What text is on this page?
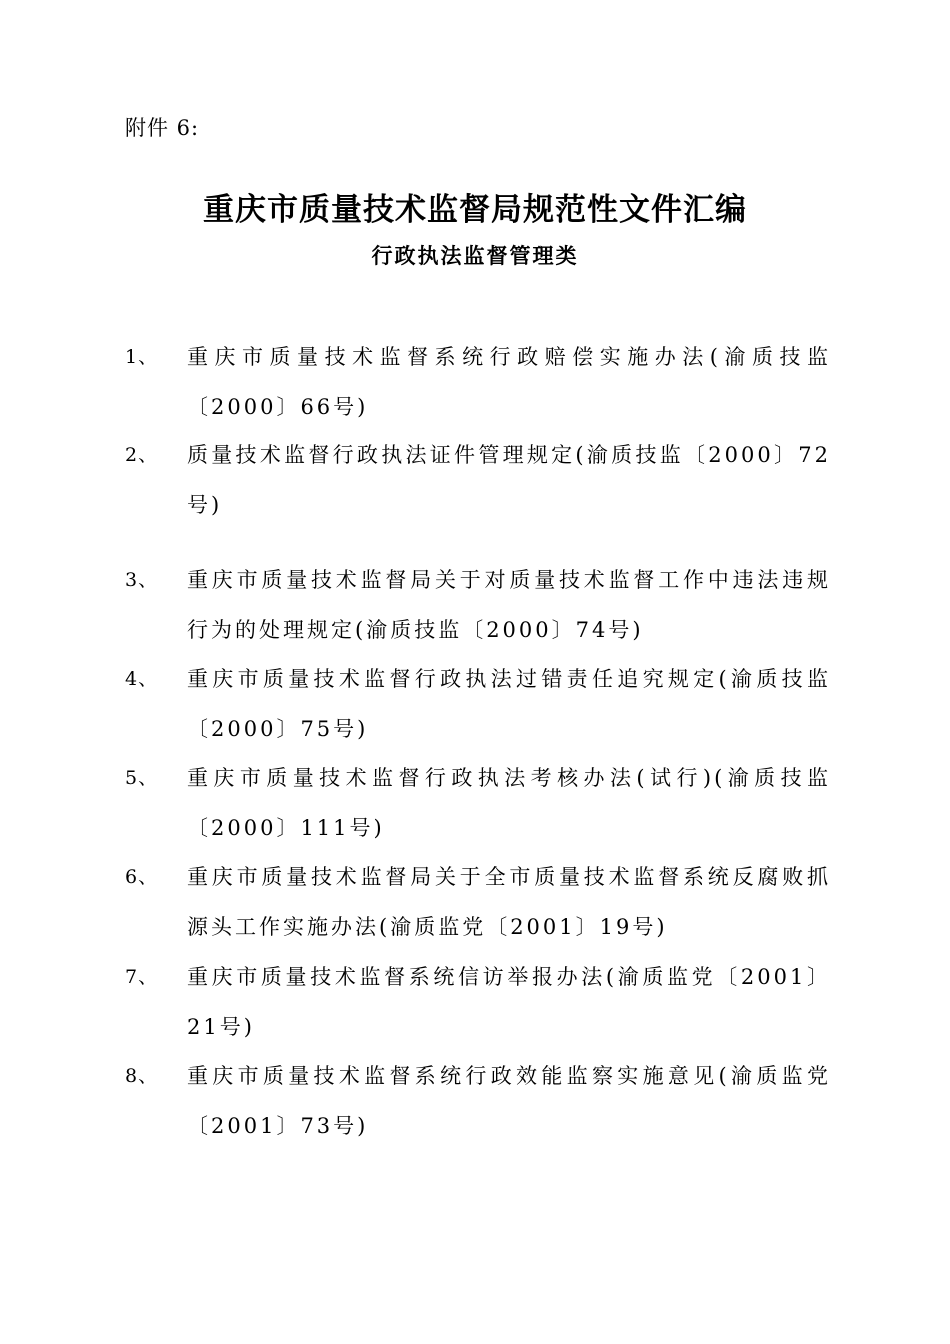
附件 6:
重庆市质量技术监督局规范性文件汇编
行政执法监督管理类
1、 重庆市质量技术监督系统行政赔偿实施办法(渝质技监〔2000〕66号)
2、 质量技术监督行政执法证件管理规定(渝质技监〔2000〕72号)
3、 重庆市质量技术监督局关于对质量技术监督工作中违法违规行为的处理规定(渝质技监〔2000〕74号)
4、 重庆市质量技术监督行政执法过错责任追究规定(渝质技监〔2000〕75号)
5、 重庆市质量技术监督行政执法考核办法(试行)(渝质技监〔2000〕111号)
6、 重庆市质量技术监督局关于全市质量技术监督系统反腐败抓源头工作实施办法(渝质监党〔2001〕19号)
7、 重庆市质量技术监督系统信访举报办法(渝质监党〔2001〕21号)
8、 重庆市质量技术监督系统行政效能监察实施意见(渝质监党〔2001〕73号)
